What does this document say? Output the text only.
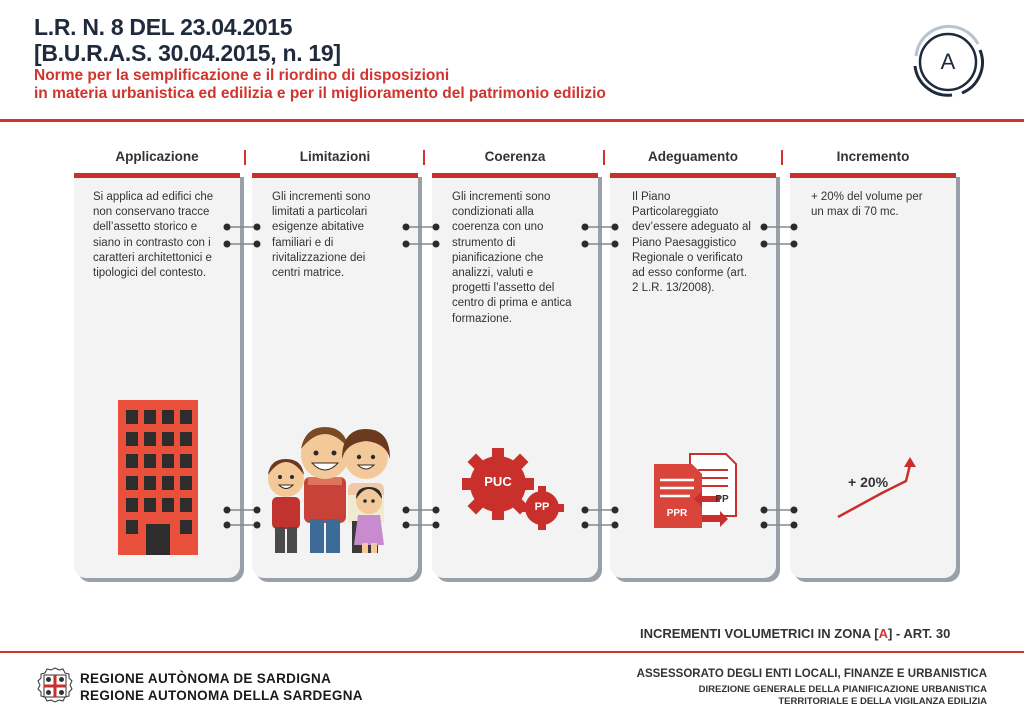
L.R. N. 8 DEL 23.04.2015
[B.U.R.A.S. 30.04.2015, n. 19]
Norme per la semplificazione e il riordino di disposizioni
in materia urbanistica ed edilizia e per il miglioramento del patrimonio edilizio
A
Applicazione	Limitazioni	Coerenza	Adeguamento	Incremento
Si applica ad edifici che
non conservano tracce
dell’assetto storico e
siano in contrasto con i
caratteri architettonici e
tipologici del contesto.
Gli incrementi sono
limitati a particolari
esigenze abitative
familiari e di
rivitalizzazione dei
centri matrice.
Gli incrementi sono
condizionati alla
coerenza con uno
strumento di
pianificazione che
analizzi, valuti e
progetti l’assetto del
centro di prima e antica
formazione.
Il Piano
Particolareggiato
dev’essere adeguato al
Piano Paesaggistico
Regionale o verificato
ad esso conforme (art.
2 L.R. 13/2008).
+ 20% del volume per
un max di 70 mc.
PUC
PP
PP
PPR
+ 20%
INCREMENTI VOLUMETRICI IN ZONA [A] - ART. 30
REGIONE AUTÒNOMA DE SARDIGNA
REGIONE AUTONOMA DELLA SARDEGNA
ASSESSORATO DEGLI ENTI LOCALI, FINANZE E URBANISTICA
DIREZIONE GENERALE DELLA PIANIFICAZIONE URBANISTICA
TERRITORIALE E DELLA VIGILANZA EDILIZIA
